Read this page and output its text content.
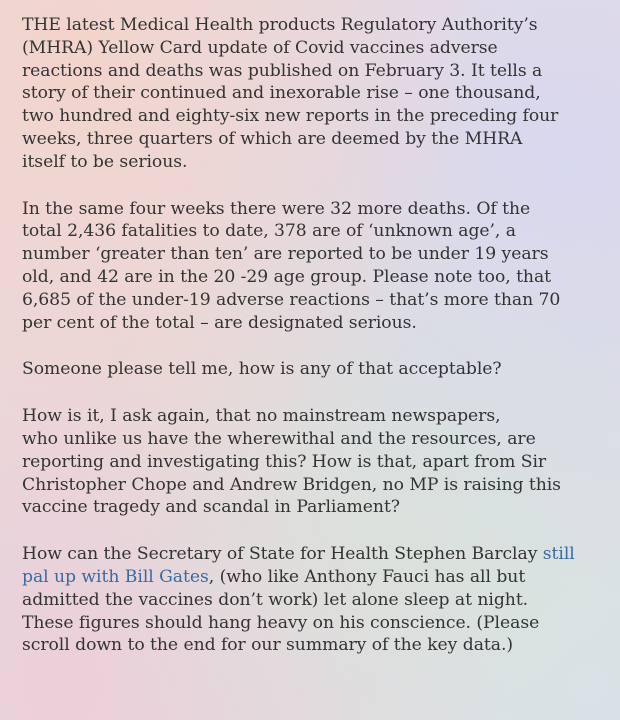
THE latest Medical Health products Regulatory Authority’s
(MHRA) Yellow Card update of Covid vaccines adverse
reactions and deaths was published on February 3. It tells a
story of their continued and inexorable rise – one thousand,
two hundred and eighty-six new reports in the preceding four
weeks, three quarters of which are deemed by the MHRA
itself to be serious.

In the same four weeks there were 32 more deaths. Of the
total 2,436 fatalities to date, 378 are of ‘unknown age’, a
number ‘greater than ten’ are reported to be under 19 years
old, and 42 are in the 20 -29 age group. Please note too, that
6,685 of the under-19 adverse reactions – that’s more than 70
per cent of the total – are designated serious.

Someone please tell me, how is any of that acceptable?

How is it, I ask again, that no mainstream newspapers,
who unlike us have the wherewithal and the resources, are
reporting and investigating this? How is that, apart from Sir
Christopher Chope and Andrew Bridgen, no MP is raising this
vaccine tragedy and scandal in Parliament?

How can the Secretary of State for Health Stephen Barclay still
pal up with Bill Gates, (who like Anthony Fauci has all but
admitted the vaccines don’t work) let alone sleep at night.
These figures should hang heavy on his conscience. (Please
scroll down to the end for our summary of the key data.)
